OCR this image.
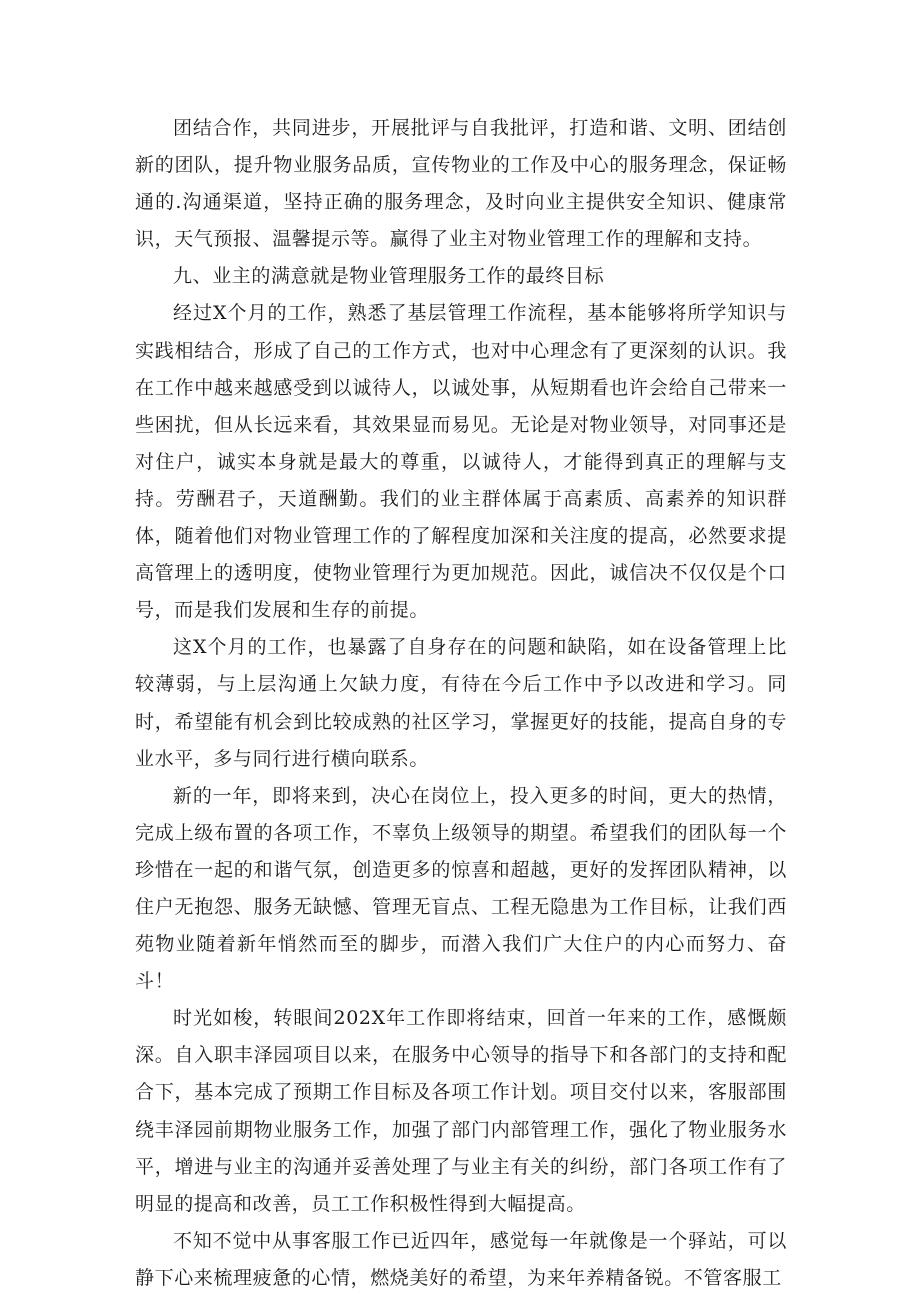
团结合作，共同进步，开展批评与自我批评，打造和谐、文明、团结创新的团队，提升物业服务品质，宣传物业的工作及中心的服务理念，保证畅通的.沟通渠道，坚持正确的服务理念，及时向业主提供安全知识、健康常识，天气预报、温馨提示等。赢得了业主对物业管理工作的理解和支持。

九、业主的满意就是物业管理服务工作的最终目标

经过X个月的工作，熟悉了基层管理工作流程，基本能够将所学知识与实践相结合，形成了自己的工作方式，也对中心理念有了更深刻的认识。我在工作中越来越感受到以诚待人，以诚处事，从短期看也许会给自己带来一些困扰，但从长远来看，其效果显而易见。无论是对物业领导，对同事还是对住户，诚实本身就是最大的尊重，以诚待人，才能得到真正的理解与支持。劳酬君子，天道酬勤。我们的业主群体属于高素质、高素养的知识群体，随着他们对物业管理工作的了解程度加深和关注度的提高，必然要求提高管理上的透明度，使物业管理行为更加规范。因此，诚信决不仅仅是个口号，而是我们发展和生存的前提。

这X个月的工作，也暴露了自身存在的问题和缺陷，如在设备管理上比较薄弱，与上层沟通上欠缺力度，有待在今后工作中予以改进和学习。同时，希望能有机会到比较成熟的社区学习，掌握更好的技能，提高自身的专业水平，多与同行进行横向联系。

新的一年，即将来到，决心在岗位上，投入更多的时间，更大的热情，完成上级布置的各项工作，不辜负上级领导的期望。希望我们的团队每一个珍惜在一起的和谐气氛，创造更多的惊喜和超越，更好的发挥团队精神，以住户无抱怨、服务无缺憾、管理无盲点、工程无隐患为工作目标，让我们西苑物业随着新年悄然而至的脚步，而潜入我们广大住户的内心而努力、奋斗！

时光如梭，转眼间202X年工作即将结束，回首一年来的工作，感慨颇深。自入职丰泽园项目以来，在服务中心领导的指导下和各部门的支持和配合下，基本完成了预期工作目标及各项工作计划。项目交付以来，客服部围绕丰泽园前期物业服务工作，加强了部门内部管理工作，强化了物业服务水平，增进与业主的沟通并妥善处理了与业主有关的纠纷，部门各项工作有了明显的提高和改善，员工工作积极性得到大幅提高。

不知不觉中从事客服工作已近四年，感觉每一年就像是一个驿站，可以静下心来梳理疲惫的心情，燃烧美好的希望，为来年养精备锐。不管客服工
